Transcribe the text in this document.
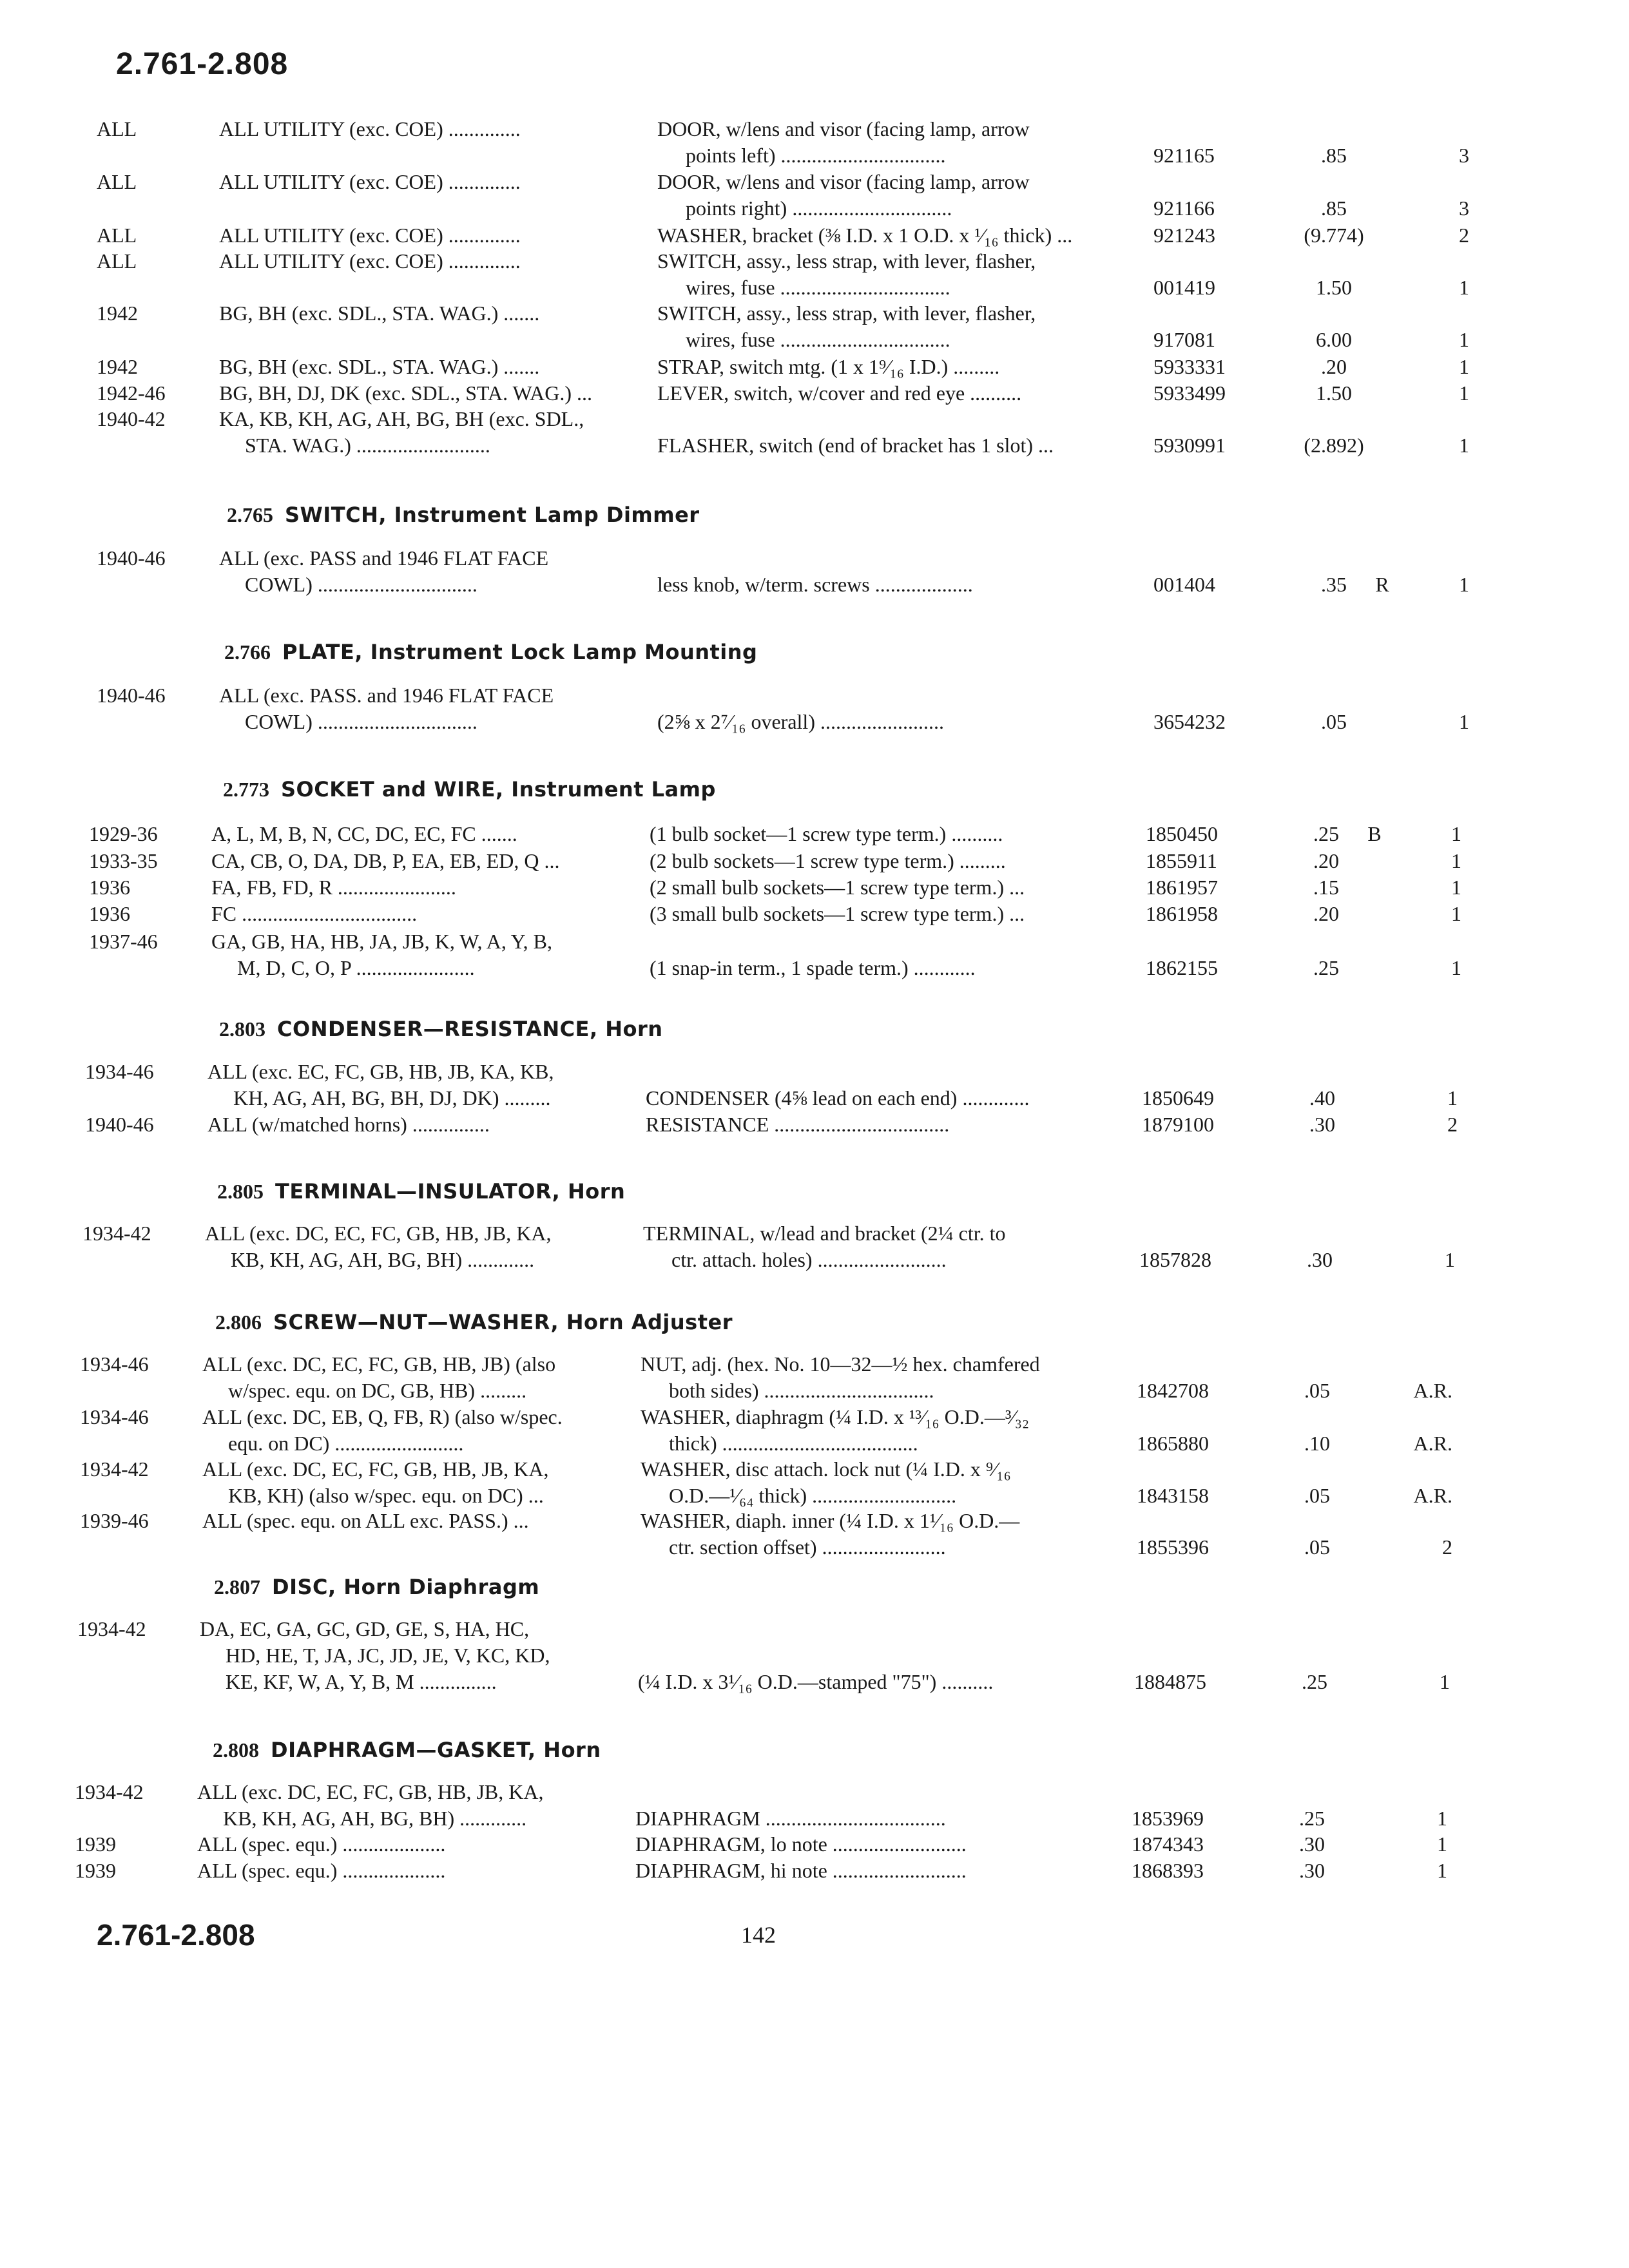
2.761-2.808
ALL	ALL UTILITY (exc. COE) ..............	DOOR, w/lens and visor (facing lamp, arrow
points left) ................................	921165	.85	3
ALL	ALL UTILITY (exc. COE) ..............	DOOR, w/lens and visor (facing lamp, arrow
points right) ...............................	921166	.85	3
ALL	ALL UTILITY (exc. COE) ..............	WASHER, bracket (⅜ I.D. x 1 O.D. x ¹⁄₁₆ thick) ...	921243	(9.774)	2
ALL	ALL UTILITY (exc. COE) ..............	SWITCH, assy., less strap, with lever, flasher,
wires, fuse .................................	001419	1.50	1
1942	BG, BH (exc. SDL., STA. WAG.) .......	SWITCH, assy., less strap, with lever, flasher,
wires, fuse .................................	917081	6.00	1
1942	BG, BH (exc. SDL., STA. WAG.) .......	STRAP, switch mtg. (1 x 1⁹⁄₁₆ I.D.) .........	5933331	.20	1
1942-46	BG, BH, DJ, DK (exc. SDL., STA. WAG.) ...	LEVER, switch, w/cover and red eye ..........	5933499	1.50	1
1940-42	KA, KB, KH, AG, AH, BG, BH (exc. SDL.,
STA. WAG.) ..........................	FLASHER, switch (end of bracket has 1 slot) ...	5930991	(2.892)	1
2.765 SWITCH, Instrument Lamp Dimmer
1940-46	ALL (exc. PASS and 1946 FLAT FACE
COWL) ...............................	less knob, w/term. screws ...................	001404	.35	R	1
2.766 PLATE, Instrument Lock Lamp Mounting
1940-46	ALL (exc. PASS. and 1946 FLAT FACE
COWL) ...............................	(2⅝ x 2⁷⁄₁₆ overall) ........................	3654232	.05	1
2.773 SOCKET and WIRE, Instrument Lamp
1929-36	A, L, M, B, N, CC, DC, EC, FC .......	(1 bulb socket—1 screw type term.) ..........	1850450	.25	B	1
1933-35	CA, CB, O, DA, DB, P, EA, EB, ED, Q ...	(2 bulb sockets—1 screw type term.) .........	1855911	.20	1
1936	FA, FB, FD, R .......................	(2 small bulb sockets—1 screw type term.) ...	1861957	.15	1
1936	FC ..................................	(3 small bulb sockets—1 screw type term.) ...	1861958	.20	1
1937-46	GA, GB, HA, HB, JA, JB, K, W, A, Y, B,
M, D, C, O, P .......................	(1 snap-in term., 1 spade term.) ............	1862155	.25	1
2.803 CONDENSER—RESISTANCE, Horn
1934-46	ALL (exc. EC, FC, GB, HB, JB, KA, KB,
KH, AG, AH, BG, BH, DJ, DK) .........	CONDENSER (4⅝ lead on each end) .............	1850649	.40	1
1940-46	ALL (w/matched horns) ...............	RESISTANCE ..................................	1879100	.30	2
2.805 TERMINAL—INSULATOR, Horn
1934-42	ALL (exc. DC, EC, FC, GB, HB, JB, KA,	TERMINAL, w/lead and bracket (2¼ ctr. to
KB, KH, AG, AH, BG, BH) .............	ctr. attach. holes) .........................	1857828	.30	1
2.806 SCREW—NUT—WASHER, Horn Adjuster
1934-46	ALL (exc. DC, EC, FC, GB, HB, JB) (also	NUT, adj. (hex. No. 10—32—½ hex. chamfered
w/spec. equ. on DC, GB, HB) .........	both sides) .................................	1842708	.05	A.R.
1934-46	ALL (exc. DC, EB, Q, FB, R) (also w/spec.	WASHER, diaphragm (¼ I.D. x ¹³⁄₁₆ O.D.—³⁄₃₂
equ. on DC) .........................	thick) ......................................	1865880	.10	A.R.
1934-42	ALL (exc. DC, EC, FC, GB, HB, JB, KA,	WASHER, disc attach. lock nut (¼ I.D. x ⁹⁄₁₆
KB, KH) (also w/spec. equ. on DC) ...	O.D.—¹⁄₆₄ thick) ............................	1843158	.05	A.R.
1939-46	ALL (spec. equ. on ALL exc. PASS.) ...	WASHER, diaph. inner (¼ I.D. x 1¹⁄₁₆ O.D.—
ctr. section offset) ........................	1855396	.05	2
2.807 DISC, Horn Diaphragm
1934-42	DA, EC, GA, GC, GD, GE, S, HA, HC,
HD, HE, T, JA, JC, JD, JE, V, KC, KD,
KE, KF, W, A, Y, B, M ...............	(¼ I.D. x 3¹⁄₁₆ O.D.—stamped "75") ..........	1884875	.25	1
2.808 DIAPHRAGM—GASKET, Horn
1934-42	ALL (exc. DC, EC, FC, GB, HB, JB, KA,
KB, KH, AG, AH, BG, BH) .............	DIAPHRAGM ...................................	1853969	.25	1
1939	ALL (spec. equ.) ....................	DIAPHRAGM, lo note ..........................	1874343	.30	1
1939	ALL (spec. equ.) ....................	DIAPHRAGM, hi note ..........................	1868393	.30	1
2.761-2.808	142
